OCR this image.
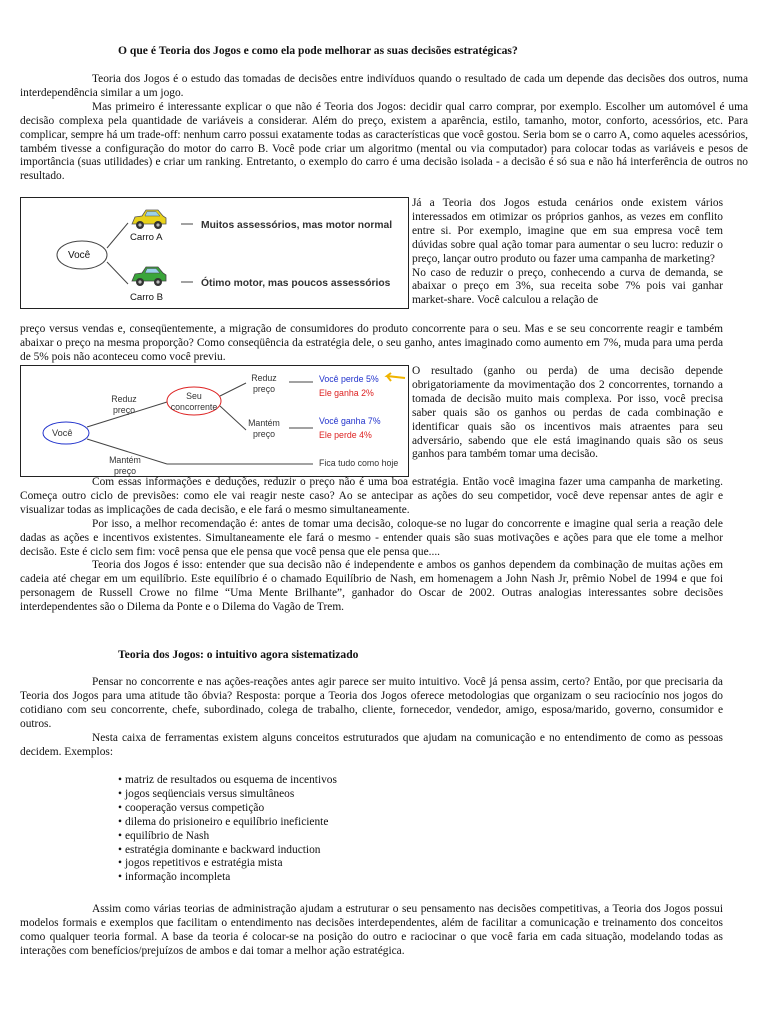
O que é Teoria dos Jogos e como ela pode melhorar as suas decisões estratégicas?

Teoria dos Jogos é o estudo das tomadas de decisões entre indivíduos quando o resultado de cada um depende das decisões dos outros, numa interdependência similar a um jogo.

Mas primeiro é interessante explicar o que não é Teoria dos Jogos: decidir qual carro comprar, por exemplo. Escolher um automóvel é uma decisão complexa pela quantidade de variáveis a considerar. Além do preço, existem a aparência, estilo, tamanho, motor, conforto, acessórios, etc. Para complicar, sempre há um trade-off: nenhum carro possui exatamente todas as características que você gostou. Seria bom se o carro A, como aqueles acessórios, também tivesse a configuração do motor do carro B. Você pode criar um algoritmo (mental ou via computador) para colocar todas as variáveis e pesos de importância (suas utilidades) e criar um ranking. Entretanto, o exemplo do carro é uma decisão isolada - a decisão é só sua e não há interferência de outros no resultado.

Você
Carro A
Muitos assessórios, mas motor normal
Carro B
Ótimo motor, mas poucos assessórios

Já a Teoria dos Jogos estuda cenários onde existem vários interessados em otimizar os próprios ganhos, as vezes em conflito entre si. Por exemplo, imagine que em sua empresa você tem dúvidas sobre qual ação tomar para aumentar o seu lucro: reduzir o preço, lançar outro produto ou fazer uma campanha de marketing?

No caso de reduzir o preço, conhecendo a curva de demanda, se abaixar o preço em 3%, sua receita sobe 7% pois vai ganhar market-share. Você calculou a relação de

preço versus vendas e, conseqüentemente, a migração de consumidores do produto concorrente para o seu. Mas e se seu concorrente reagir e também abaixar o preço na mesma proporção? Como conseqüência da estratégia dele, o seu ganho, antes imaginado como aumento em 7%, muda para uma perda de 5% pois não aconteceu como você previu.

Você
Reduz preço
Mantém preço
Seu concorrente
Reduz preço
Mantém preço
Você perde 5%
Ele ganha 2%
Você ganha 7%
Ele perde 4%
Fica tudo como hoje

O resultado (ganho ou perda) de uma decisão depende obrigatoriamente da movimentação dos 2 concorrentes, tornando a tomada de decisão muito mais complexa. Por isso, você precisa saber quais são os ganhos ou perdas de cada combinação e identificar quais são os incentivos mais atraentes para seu adversário, sabendo que ele está imaginando quais são os seus ganhos para também tomar uma decisão.

Com essas informações e deduções, reduzir o preço não é uma boa estratégia. Então você imagina fazer uma campanha de marketing. Começa outro ciclo de previsões: como ele vai reagir neste caso? Ao se antecipar as ações do seu competidor, você deve repensar antes de agir e visualizar todas as implicações de cada decisão, e ele fará o mesmo simultaneamente.

Por isso, a melhor recomendação é: antes de tomar uma decisão, coloque-se no lugar do concorrente e imagine qual seria a reação dele dadas as ações e incentivos existentes. Simultaneamente ele fará o mesmo - entender quais são suas motivações e ações para que ele tome a melhor decisão. Este é ciclo sem fim: você pensa que ele pensa que você pensa que ele pensa que....

Teoria dos Jogos é isso: entender que sua decisão não é independente e ambos os ganhos dependem da combinação de muitas ações em cadeia até chegar em um equilíbrio. Este equilíbrio é o chamado Equilíbrio de Nash, em homenagem a John Nash Jr, prêmio Nobel de 1994 e que foi personagem de Russell Crowe no filme “Uma Mente Brilhante”, ganhador do Oscar de 2002. Outras analogias interessantes sobre decisões interdependentes são o Dilema da Ponte e o Dilema do Vagão de Trem.

Teoria dos Jogos: o intuitivo agora sistematizado

Pensar no concorrente e nas ações-reações antes agir parece ser muito intuitivo. Você já pensa assim, certo? Então, por que precisaria da Teoria dos Jogos para uma atitude tão óbvia? Resposta: porque a Teoria dos Jogos oferece metodologias que organizam o seu raciocínio nos jogos do cotidiano com seu concorrente, chefe, subordinado, colega de trabalho, cliente, fornecedor, vendedor, amigo, esposa/marido, governo, consumidor e outros.

Nesta caixa de ferramentas existem alguns conceitos estruturados que ajudam na comunicação e no entendimento de como as pessoas decidem. Exemplos:

• matriz de resultados ou esquema de incentivos
• jogos seqüenciais versus simultâneos
• cooperação versus competição
• dilema do prisioneiro e equilíbrio ineficiente
• equilíbrio de Nash
• estratégia dominante e backward induction
• jogos repetitivos e estratégia mista
• informação incompleta

Assim como várias teorias de administração ajudam a estruturar o seu pensamento nas decisões competitivas, a Teoria dos Jogos possui modelos formais e exemplos que facilitam o entendimento nas decisões interdependentes, além de facilitar a comunicação e treinamento dos conceitos como qualquer teoria formal. A base da teoria é colocar-se na posição do outro e raciocinar o que você faria em cada situação, modelando todas as interações com benefícios/prejuízos de ambos e dai tomar a melhor ação estratégica.
